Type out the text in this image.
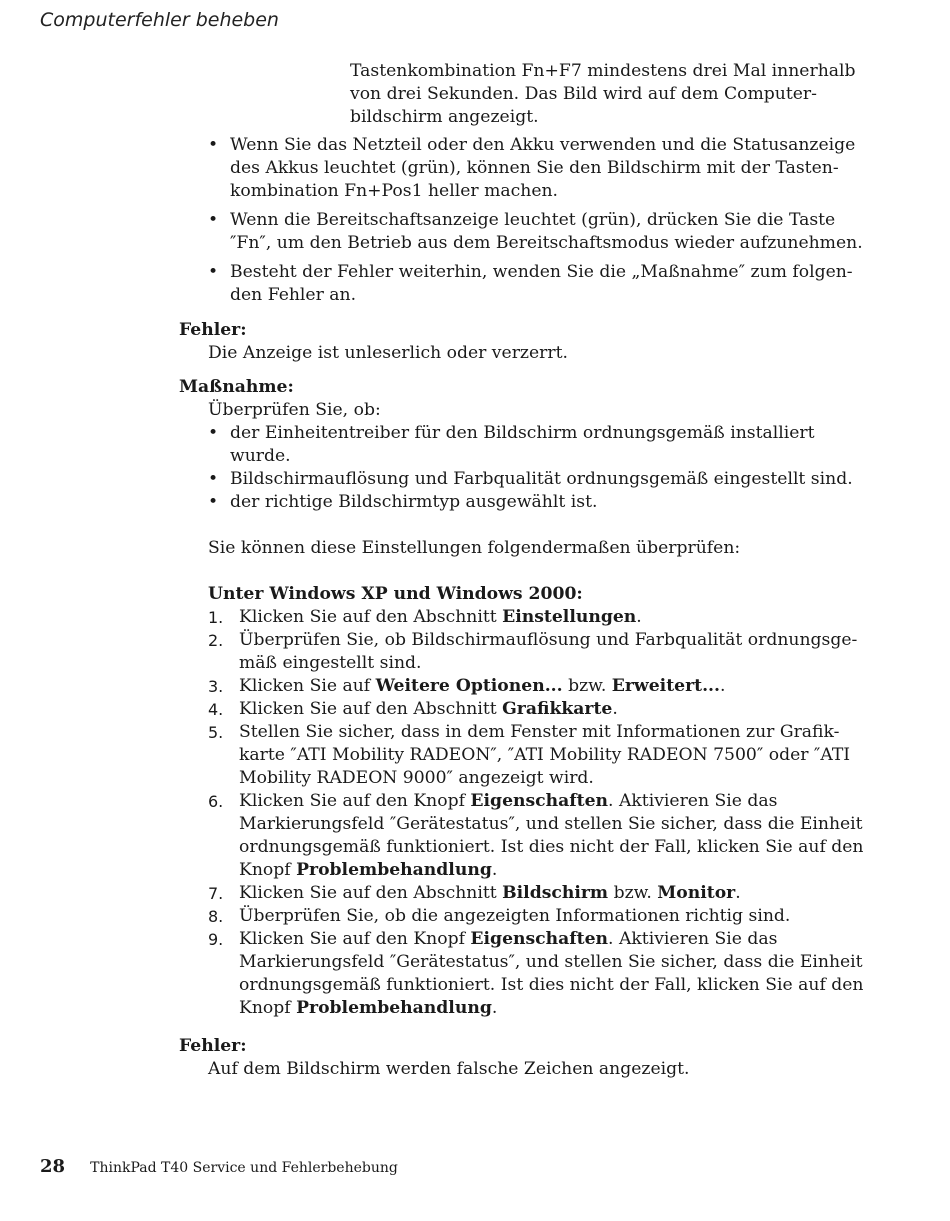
Computerfehler beheben

Tastenkombination Fn+F7 mindestens drei Mal innerhalb von drei Sekunden. Das Bild wird auf dem Computer-bildschirm angezeigt.

• Wenn Sie das Netzteil oder den Akku verwenden und die Statusanzeige des Akkus leuchtet (grün), können Sie den Bildschirm mit der Tasten-kombination Fn+Pos1 heller machen.
• Wenn die Bereitschaftsanzeige leuchtet (grün), drücken Sie die Taste ″Fn″, um den Betrieb aus dem Bereitschaftsmodus wieder aufzunehmen.
• Besteht der Fehler weiterhin, wenden Sie die „Maßnahme″ zum folgen-den Fehler an.

Fehler:

Die Anzeige ist unleserlich oder verzerrt.

Maßnahme:

Überprüfen Sie, ob:

• der Einheitentreiber für den Bildschirm ordnungsgemäß installiert wurde.
• Bildschirmauflösung und Farbqualität ordnungsgemäß eingestellt sind.
• der richtige Bildschirmtyp ausgewählt ist.

Sie können diese Einstellungen folgendermaßen überprüfen:

Unter Windows XP und Windows 2000:

1. Klicken Sie auf den Abschnitt Einstellungen.
2. Überprüfen Sie, ob Bildschirmauflösung und Farbqualität ordnungsge-mäß eingestellt sind.
3. Klicken Sie auf Weitere Optionen... bzw. Erweitert....
4. Klicken Sie auf den Abschnitt Grafikkarte.
5. Stellen Sie sicher, dass in dem Fenster mit Informationen zur Grafik-karte ″ATI Mobility RADEON″, ″ATI Mobility RADEON 7500″ oder ″ATI Mobility RADEON 9000″ angezeigt wird.
6. Klicken Sie auf den Knopf Eigenschaften. Aktivieren Sie das Markierungsfeld ″Gerätestatus″, und stellen Sie sicher, dass die Einheit ordnungsgemäß funktioniert. Ist dies nicht der Fall, klicken Sie auf den Knopf Problembehandlung.
7. Klicken Sie auf den Abschnitt Bildschirm bzw. Monitor.
8. Überprüfen Sie, ob die angezeigten Informationen richtig sind.
9. Klicken Sie auf den Knopf Eigenschaften. Aktivieren Sie das Markierungsfeld ″Gerätestatus″, und stellen Sie sicher, dass die Einheit ordnungsgemäß funktioniert. Ist dies nicht der Fall, klicken Sie auf den Knopf Problembehandlung.

Fehler:

Auf dem Bildschirm werden falsche Zeichen angezeigt.

28 ThinkPad T40 Service und Fehlerbehebung
